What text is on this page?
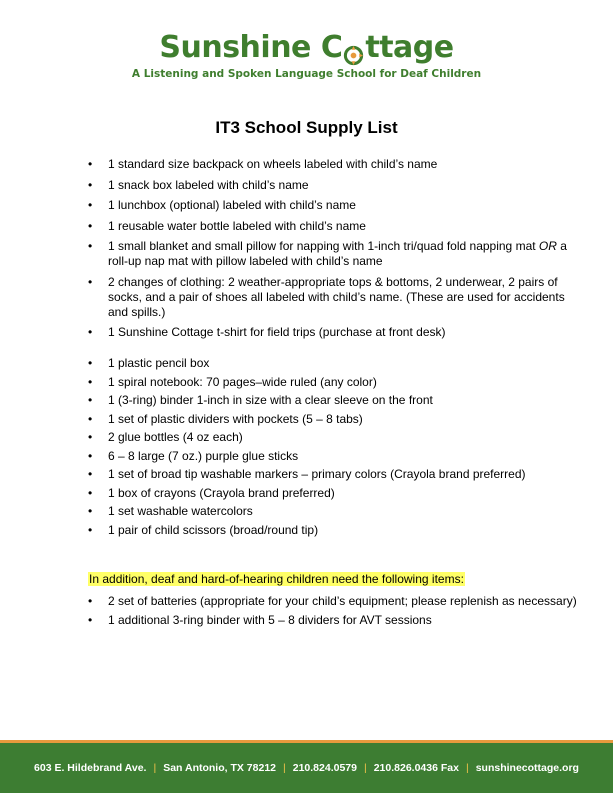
Sunshine C ttage
A Listening and Spoken Language School for Deaf Children
IT3 School Supply List
• 1 standard size backpack on wheels labeled with child’s name
• 1 snack box labeled with child’s name
• 1 lunchbox (optional) labeled with child’s name
• 1 reusable water bottle labeled with child’s name
• 1 small blanket and small pillow for napping with 1-inch tri/quad fold napping mat OR a roll-up nap mat with pillow labeled with child’s name
• 2 changes of clothing: 2 weather-appropriate tops & bottoms, 2 underwear, 2 pairs of socks, and a pair of shoes all labeled with child’s name. (These are used for accidents and spills.)
• 1 Sunshine Cottage t-shirt for field trips (purchase at front desk)
• 1 plastic pencil box
• 1 spiral notebook: 70 pages–wide ruled (any color)
• 1 (3-ring) binder 1-inch in size with a clear sleeve on the front
• 1 set of plastic dividers with pockets (5 – 8 tabs)
• 2 glue bottles (4 oz each)
• 6 – 8 large (7 oz.) purple glue sticks
• 1 set of broad tip washable markers – primary colors (Crayola brand preferred)
• 1 box of crayons (Crayola brand preferred)
• 1 set washable watercolors
• 1 pair of child scissors (broad/round tip)
In addition, deaf and hard-of-hearing children need the following items:
• 2 set of batteries (appropriate for your child’s equipment; please replenish as necessary)
• 1 additional 3-ring binder with 5 – 8 dividers for AVT sessions
603 E. Hildebrand Ave. | San Antonio, TX 78212 | 210.824.0579 | 210.826.0436 Fax | sunshinecottage.org
